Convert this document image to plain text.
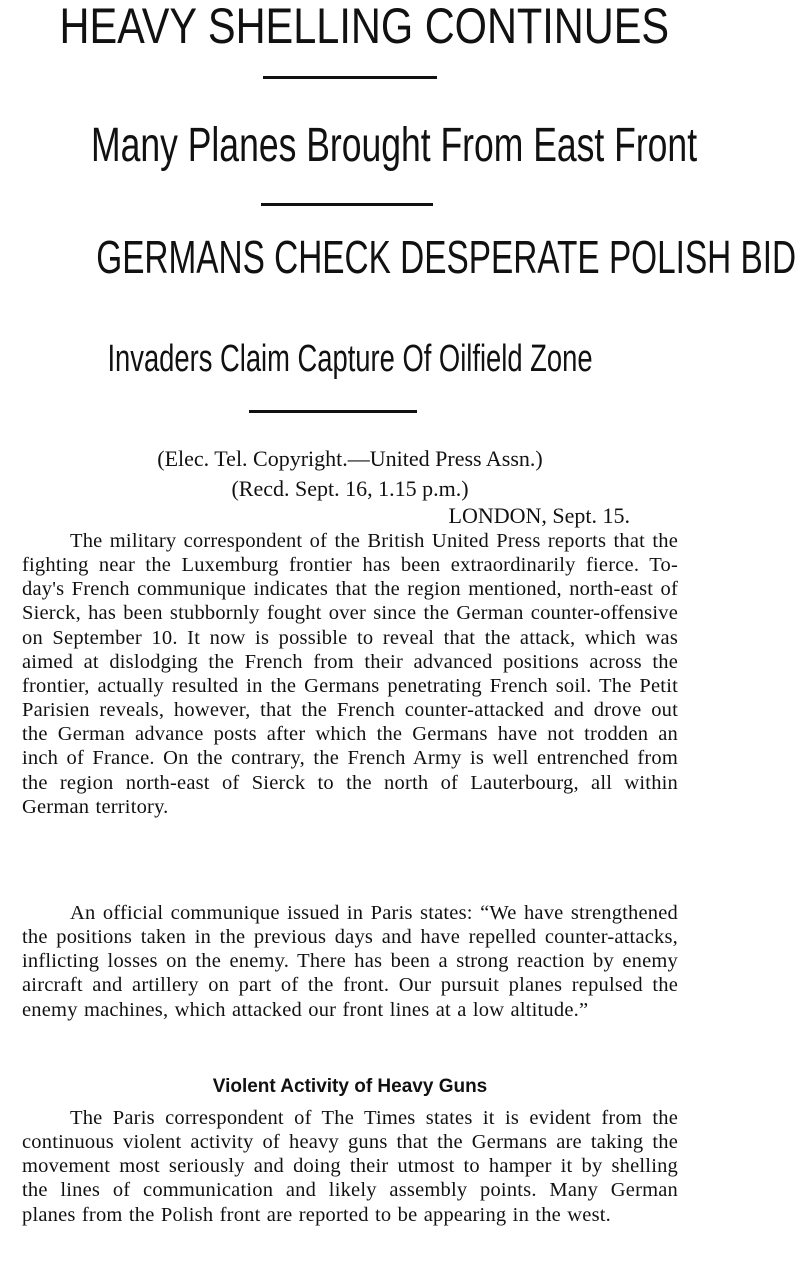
HEAVY SHELLING CONTINUES
Many Planes Brought From East Front
GERMANS CHECK DESPERATE POLISH BID
Invaders Claim Capture Of Oilfield Zone
(Elec. Tel. Copyright.—United Press Assn.)
(Recd. Sept. 16, 1.15 p.m.)
LONDON, Sept. 15.

The military correspondent of the British United Press reports that the fighting near the Luxemburg frontier has been extraordinarily fierce. To-day's French communique indicates that the region mentioned, north-east of Sierck, has been stubbornly fought over since the German counter-offensive on September 10. It now is possible to reveal that the attack, which was aimed at dislodging the French from their advanced positions across the frontier, actually resulted in the Germans penetrating French soil. The Petit Parisien reveals, however, that the French counter-attacked and drove out the German advance posts after which the Germans have not trodden an inch of France. On the contrary, the French Army is well entrenched from the region north-east of Sierck to the north of Lauterbourg, all within German territory.

An official communique issued in Paris states: “We have strengthened the positions taken in the previous days and have repelled counter-attacks, inflicting losses on the enemy. There has been a strong reaction by enemy aircraft and artillery on part of the front. Our pursuit planes repulsed the enemy machines, which attacked our front lines at a low altitude.”

Violent Activity of Heavy Guns

The Paris correspondent of The Times states it is evident from the continuous violent activity of heavy guns that the Germans are taking the movement most seriously and doing their utmost to hamper it by shelling the lines of communication and likely assembly points. Many German planes from the Polish front are reported to be appearing in the west.
